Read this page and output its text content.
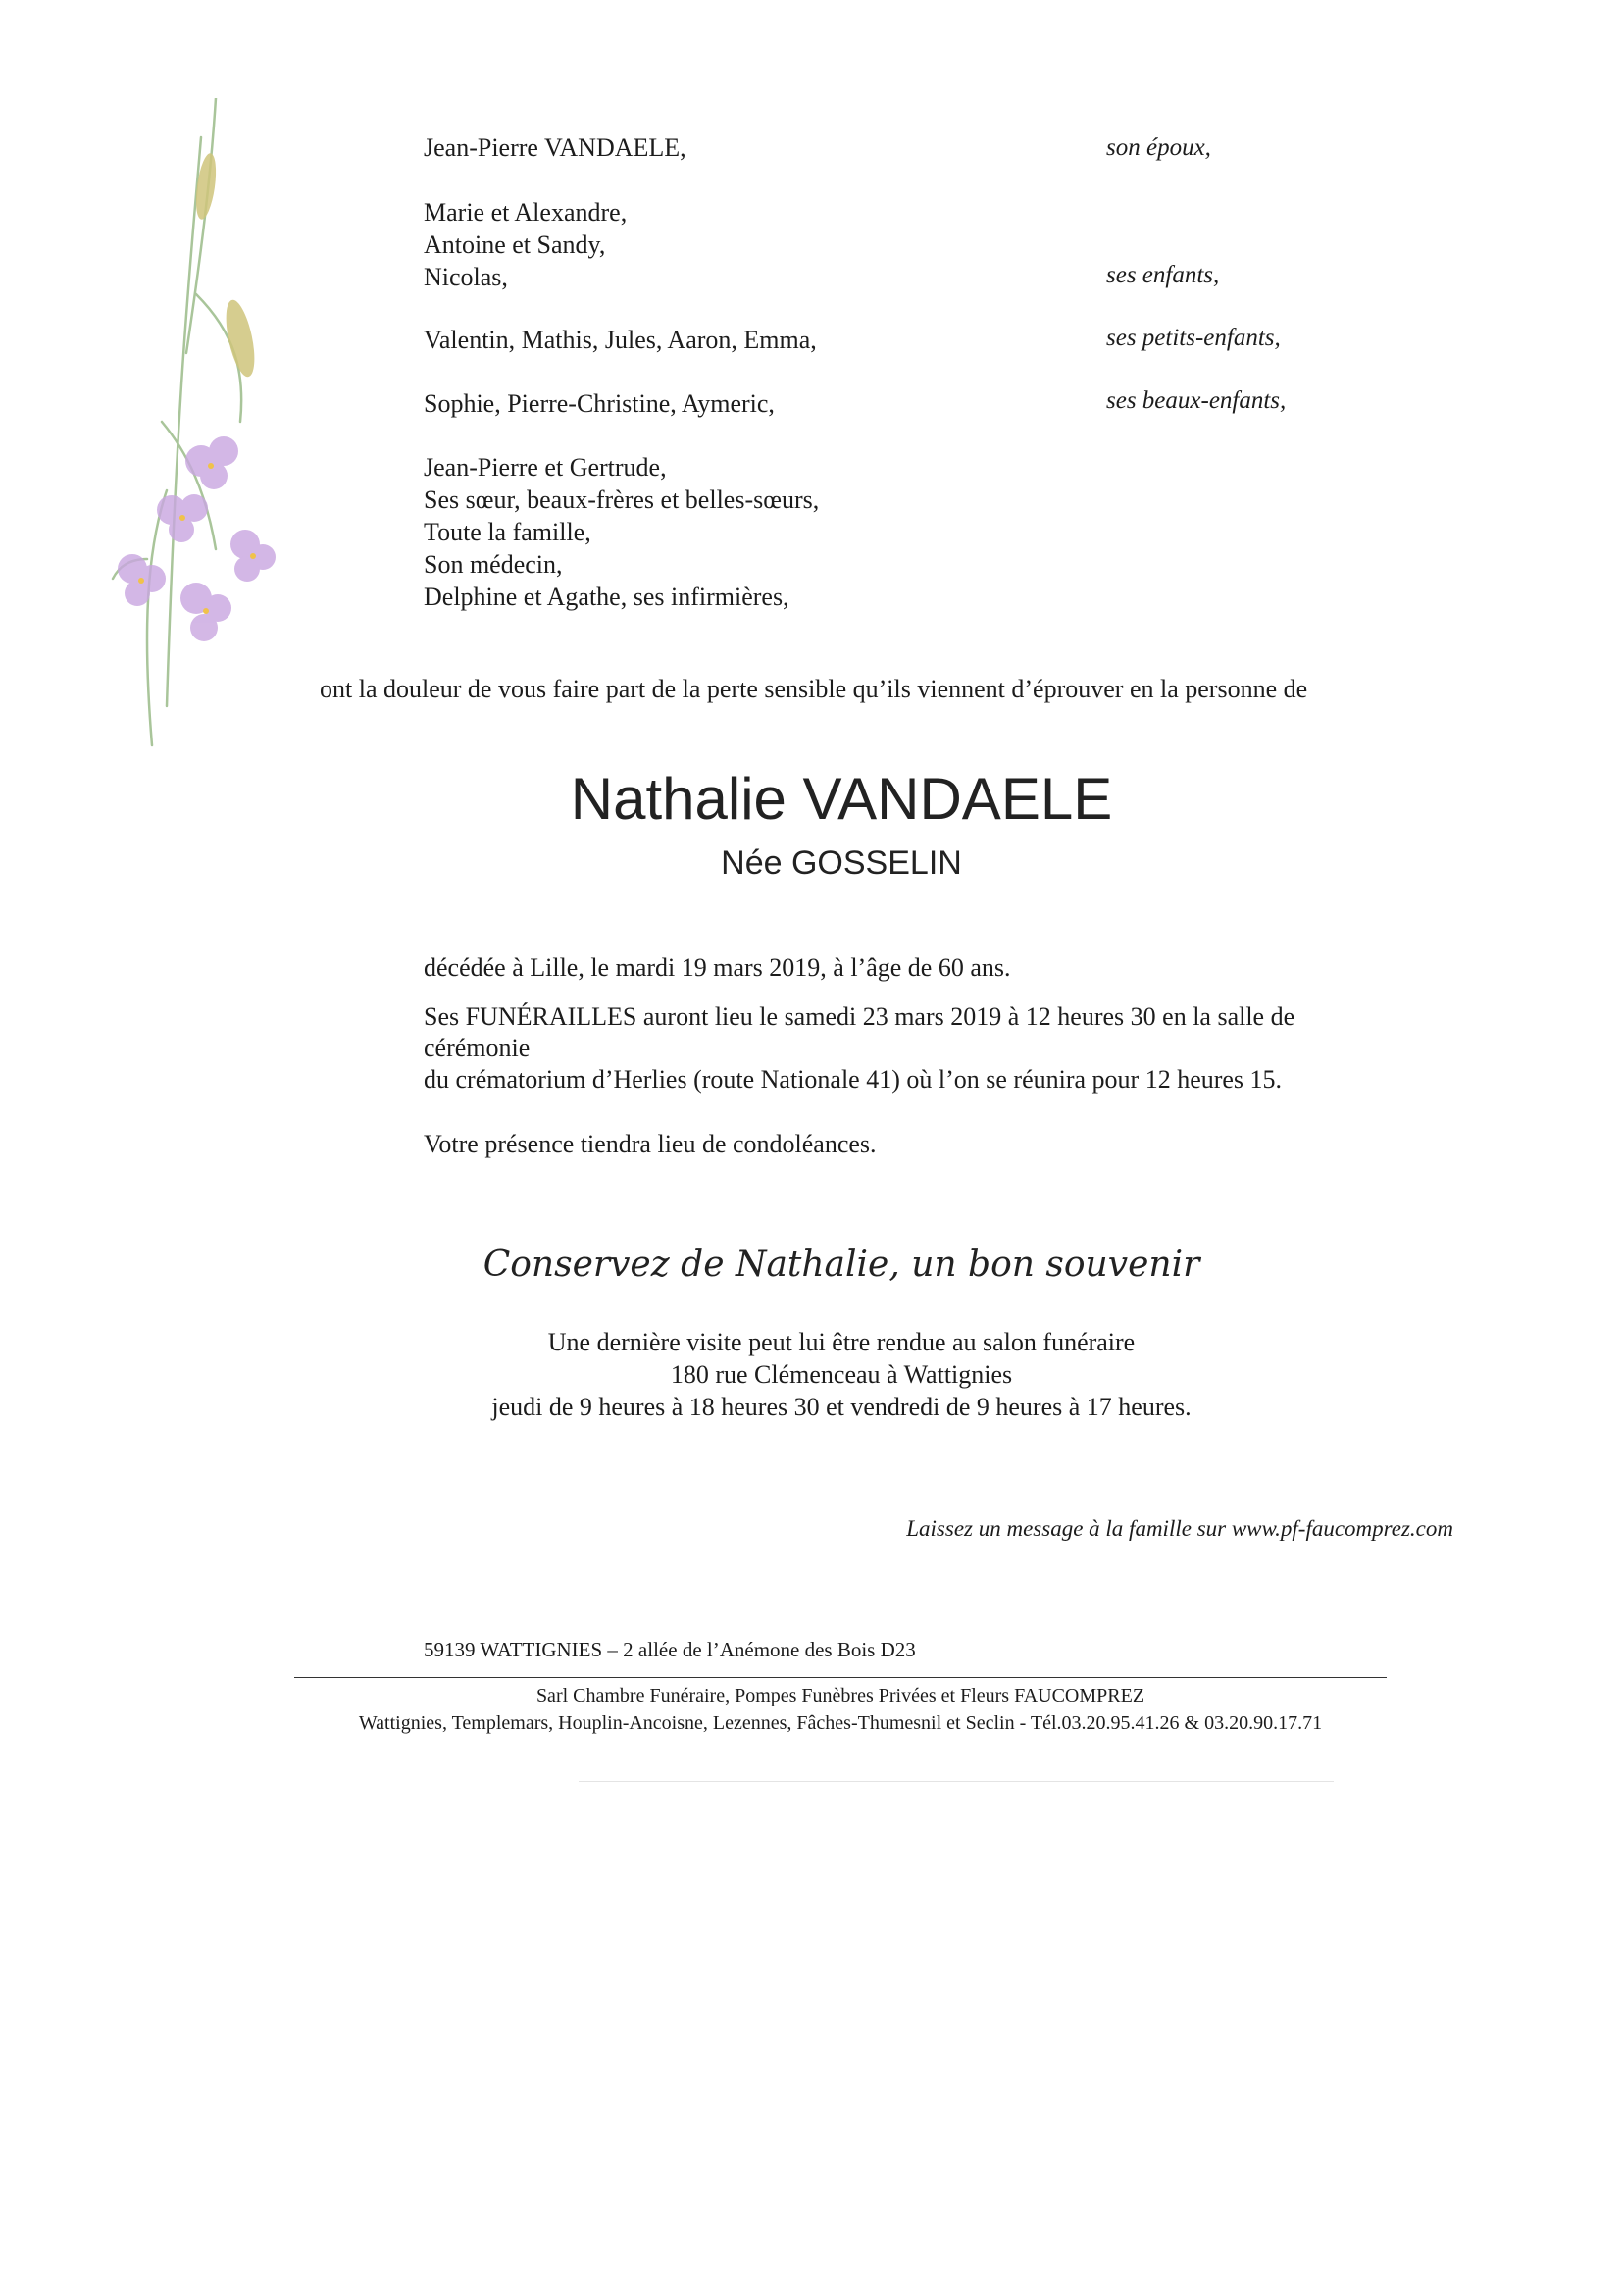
Jean-Pierre VANDAELE,	son époux,
Marie et Alexandre,
Antoine et Sandy,
Nicolas,	ses enfants,
Valentin, Mathis, Jules, Aaron, Emma,	ses petits-enfants,
Sophie, Pierre-Christine, Aymeric,	ses beaux-enfants,
Jean-Pierre et Gertrude,
Ses sœur, beaux-frères et belles-sœurs,
Toute la famille,
Son médecin,
Delphine et Agathe, ses infirmières,
ont la douleur de vous faire part de la perte sensible qu’ils viennent d’éprouver en la personne de
Nathalie VANDAELE
Née GOSSELIN
décédée à Lille, le mardi 19 mars 2019, à l’âge de 60 ans.
Ses FUNÉRAILLES auront lieu le samedi 23 mars 2019 à 12 heures 30 en la salle de
cérémonie
du crématorium d’Herlies (route Nationale 41) où l’on se réunira pour 12 heures 15.
Votre présence tiendra lieu de condoléances.
Conservez de Nathalie, un bon souvenir
Une dernière visite peut lui être rendue au salon funéraire
180 rue Clémenceau à Wattignies
jeudi de 9 heures à 18 heures 30 et vendredi de 9 heures à 17 heures.
Laissez un message à la famille sur www.pf-faucomprez.com
59139 WATTIGNIES – 2 allée de l’Anémone des Bois D23
Sarl Chambre Funéraire, Pompes Funèbres Privées et Fleurs FAUCOMPREZ
Wattignies, Templemars, Houplin-Ancoisne, Lezennes, Fâches-Thumesnil et Seclin - Tél.03.20.95.41.26 & 03.20.90.17.71
